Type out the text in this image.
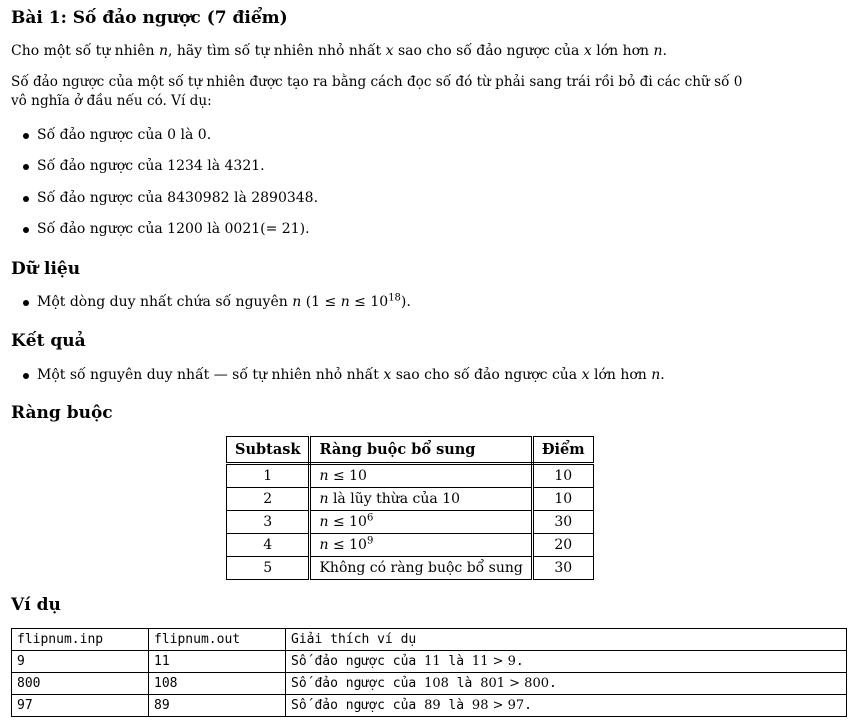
Bài 1: Số đảo ngược (7 điểm)
Cho một số tự nhiên n, hãy tìm số tự nhiên nhỏ nhất x sao cho số đảo ngược của x lớn hơn n.
Số đảo ngược của một số tự nhiên được tạo ra bằng cách đọc số đó từ phải sang trái rồi bỏ đi các chữ số 0
vô nghĩa ở đầu nếu có. Ví dụ:
Số đảo ngược của 0 là 0.
Số đảo ngược của 1234 là 4321.
Số đảo ngược của 8430982 là 2890348.
Số đảo ngược của 1200 là 0021(= 21).
Dữ liệu
Một dòng duy nhất chứa số nguyên n $(1 \le n \le 10^{18})$.
Kết quả
Một số nguyên duy nhất — số tự nhiên nhỏ nhất x sao cho số đảo ngược của x lớn hơn n.
Ràng buộc
Subtask	Ràng buộc bổ sung	Điểm
1	n ≤ 10	10
2	n là lũy thừa của 10	10
3	$n \le 10^6$	30
4	$n \le 10^9$	20
5	Không có ràng buộc bổ sung	30
Ví dụ
flipnum.inp	flipnum.out	Giải thích ví dụ
9	11	Số đảo ngược của 11 là 11 > 9.
800	108	Số đảo ngược của 108 là 801 > 800.
97	89	Số đảo ngược của 89 là 98 > 97.
